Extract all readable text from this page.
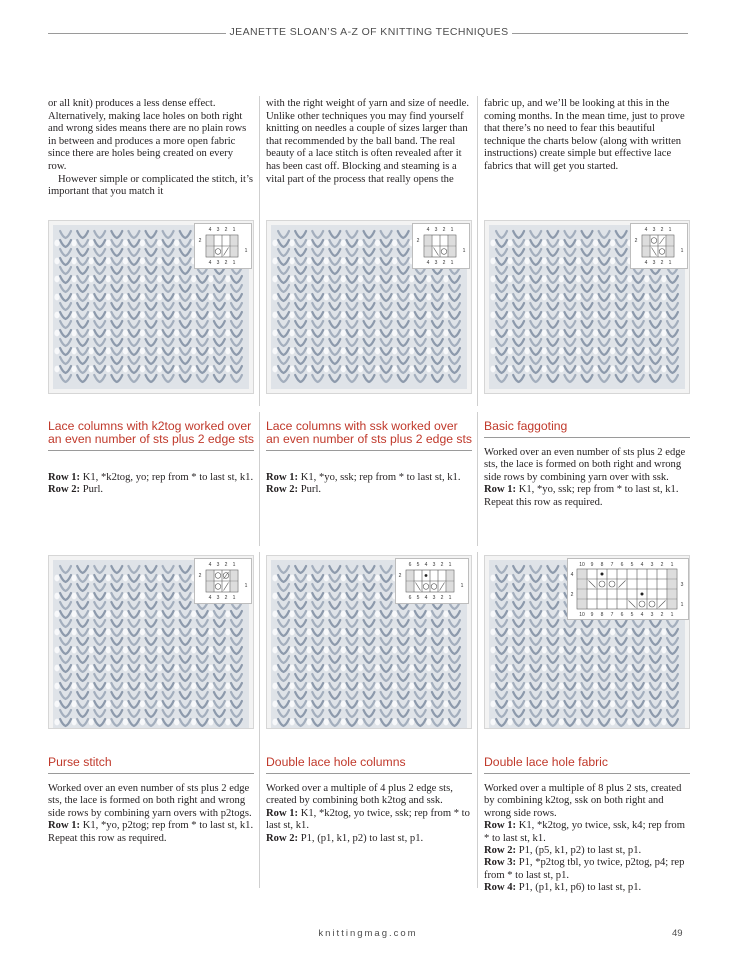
JEANETTE SLOAN’S A-Z OF KNITTING TECHNIQUES

or all knit) produces a less dense effect. Alternatively, making lace holes on both right and wrong sides means there are no plain rows in between and produces a more open fabric since there are holes being created on every row.

However simple or complicated the stitch, it’s important that you match it

with the right weight of yarn and size of needle. Unlike other techniques you may find yourself knitting on needles a couple of sizes larger than that recommended by the ball band. The real beauty of a lace stitch is often revealed after it has been cast off. Blocking and steaming is a vital part of the process that really opens the

fabric up, and we’ll be looking at this in the coming months. In the mean time, just to prove that there’s no need to fear this beautiful technique the charts below (along with written instructions) create simple but effective lace fabrics that will get you started.

4 3 2 1
4 3 2 1
2
1
4 3 2 1
4 3 2 1
2
1
4 3 2 1
4 3 2 1
2
1
Lace columns with k2tog worked over an even number of sts plus 2 edge sts
Lace columns with ssk worked over an even number of sts plus 2 edge sts
Basic faggoting

Row 1: K1, *k2tog, yo; rep from * to last st, k1.

Row 2: Purl.

Row 1: K1, *yo, ssk; rep from * to last st, k1.

Row 2: Purl.

Worked over an even number of sts plus 2 edge sts, the lace is formed on both right and wrong side rows by combining yarn over with ssk.

Row 1: K1, *yo, ssk; rep from * to last st, k1. Repeat this row as required.

4 3 2 1
4 3 2 1
2
1
6 5 4 3 2 1
6 5 4 3 2 1
2
1
10 9 8 7 6 5 4 3 2 1
10 9 8 7 6 5 4 3 2 1
4
2
3
1
Purse stitch	Double lace hole columns	Double lace hole fabric

Worked over an even number of sts plus 2 edge sts, the lace is formed on both right and wrong side rows by combining yarn overs with p2togs.

Row 1: K1, *yo, p2tog; rep from * to last st, k1. Repeat this row as required.

Worked over a multiple of 4 plus 2 edge sts, created by combining both k2tog and ssk.

Row 1: K1, *k2tog, yo twice, ssk; rep from * to last st, k1.

Row 2: P1, (p1, k1, p2) to last st, p1.

Worked over a multiple of 8 plus 2 sts, created by combining k2tog, ssk on both right and wrong side rows.

Row 1: K1, *k2tog, yo twice, ssk, k4; rep from * to last st, k1.

Row 2: P1, (p5, k1, p2) to last st, p1.

Row 3: P1, *p2tog tbl, yo twice, p2tog, p4; rep from * to last st, p1.

Row 4: P1, (p1, k1, p6) to last st, p1.

knittingmag.com	49
